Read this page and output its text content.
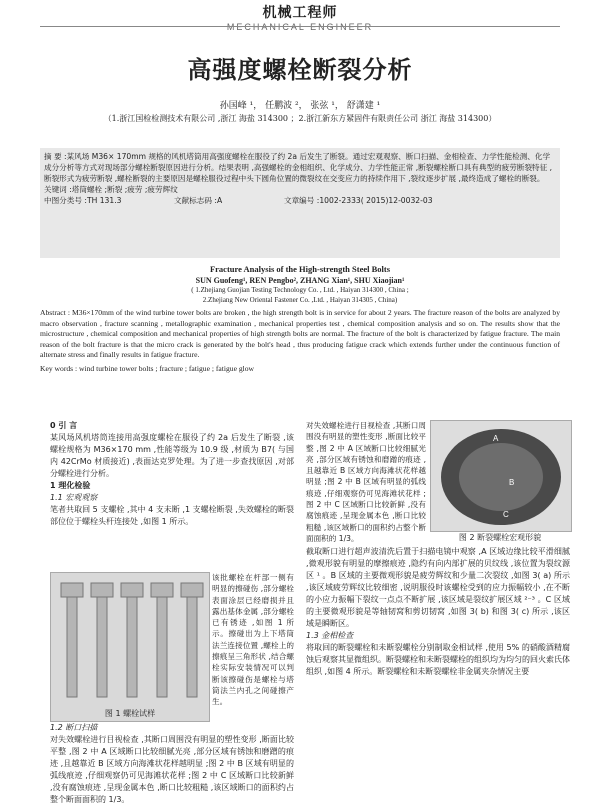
机械工程师
MECHANICAL ENGINEER
高强度螺栓断裂分析
孙国峰 ¹， 任鹏波 ²， 张弦 ¹， 舒潇建 ¹
（1.浙江国检检测技术有限公司 ,浙江 海盐 314300 ；2.浙江新东方紧固件有限责任公司 浙江 海盐 314300）

摘 要 :某风场 M36× 170mm 规格的风机塔筒用高强度螺栓在服役了约 2a 后发生了断裂。通过宏观观察、断口扫描、金相检查、力学性能检测、化学成分分析等方式对现场部分螺栓断裂原因进行分析。结果表明 ,高强螺栓的金相组织、化学成分、力学性能正常 ,断裂螺栓断口具有典型的疲劳断裂特征 ,断裂形式为疲劳断裂 ,螺栓断裂的主要原因是螺栓服役过程中头下圆角位置的微裂纹在交变应力的持续作用下 ,裂纹逐步扩展 ,最终造成了螺栓的断裂。

关键词 :塔筒螺栓 ;断裂 ;疲劳 ;疲劳辉纹

中图分类号 :TH 131.3	文献标志码 :A	文章编号 :1002-2333( 2015)12-0032-03

Fracture Analysis of the High-strength Steel Bolts

SUN Guofeng¹, REN Pengbo², ZHANG Xian¹, SHU Xiaojian¹

( 1.Zhejiang Guojian Testing Technology Co. , Ltd. , Haiyan 314300 , China ;

2.Zhejiang New Oriental Fastener Co. ,Ltd. , Haiyan 314305 , China)

Abstract : M36×170mm of the wind turbine tower bolts are broken , the high strength bolt is in service for about 2 years. The fracture reason of the bolts are analyzed by macro observation , fracture scanning , metallographic examination , mechanical properties test , chemical composition analysis and so on. The results show that the microstructure , chemical composition and mechanical properties of high strength bolts are normal. The fracture of the bolt is characterized by fatigue fracture. The main reason of the bolt fracture is that the micro crack is generated by the bolt's head , thus producing fatigue crack which extends further under the continuous function of alternate stress and finally results in fatigue fracture.

Key words : wind turbine tower bolts ; fracture ; fatigue ; fatigue glow

0 引 言

某风场风机塔筒连接用高强度螺栓在服役了约 2a 后发生了断裂 ,该螺栓规格为 M36×170 mm ,性能等级为 10.9 级 ,材质为 B7( 与国内 42CrMo 材质接近) ,表面达克罗处理。为了进一步查找原因 ,对部分螺栓进行分析。

1 理化检验

1.1 宏观观察

笔者共取回 5 支螺栓 ,其中 4 支未断 ,1 支螺栓断裂 ,失效螺栓的断裂部位位于螺栓头杆连接处 ,如图 1 所示。

该批螺栓在杆部一侧有明显的擦碰伤 ,部分螺栓表面涂层已经磨损并且露出基体金属 ,部分螺栓已有锈迹 ,如图 1 所示。擦碰出为上下塔筒法兰连接位置 ,螺栓上的擦痕呈三角形状 ,结合螺栓实际安装情况可以判断该擦碰伤是螺栓与塔筒法兰内孔之间碰擦产生。

图 1 螺栓试样

1.2 断口扫描

对失效螺栓进行目视检查 ,其断口周围没有明显的塑性变形 ,断面比较平整 ,图 2 中 A 区域断口比较细腻光亮 ,部分区域有锈蚀和磨蹭的痕迹 ,且越靠近 B 区域方向海滩状花样越明显 ;图 2 中 B 区域有明显的弧线痕迹 ,仔细观察仍可见海滩状花样 ;图 2 中 C 区域断口比较新鲜 ,没有腐蚀痕迹 ,呈现金属本色 ,断口比较粗糙 ,该区域断口的面积约占整个断面面积的 1/3。

对失效螺栓进行目视检查 ,其断口周围没有明显的塑性变形 ,断面比较平整 ,图 2 中 A 区域断口比较细腻光亮 ,部分区域有锈蚀和磨蹭的痕迹 ,且越靠近 B 区域方向海滩状花样越明显 ;图 2 中 B 区域有明显的弧线痕迹 ,仔细观察仍可见海滩状花样 ;图 2 中 C 区域断口比较新鲜 ,没有腐蚀痕迹 ,呈现金属本色 ,断口比较粗糙 ,该区域断口的面积约占整个断面面积的 1/3。

A
B
C
图 2 断裂螺栓宏观形貌

截取断口进行超声波清洗后置于扫描电镜中观察 ,A 区域边缘比较平滑细腻 ,微观形貌有明显的摩擦痕迹 ,隐约有向内部扩展的贝纹线 ,该位置为裂纹源区 ¹ 。B 区域的主要微观形貌是疲劳辉纹和少量二次裂纹 ,如图 3( a) 所示 ,该区域疲劳辉纹比较细密 ,说明服役时该螺栓受到的应力振幅较小 ,在不断的小应力振幅下裂纹一点点不断扩展 ,该区域是裂纹扩展区域 ²⁻³ 。C 区域的主要微观形貌是等轴韧窝和剪切韧窝 ,如图 3( b) 和图 3( c) 所示 ,该区域是瞬断区。

1.3 金相检查

将取回的断裂螺栓和未断裂螺栓分别制取金相试样 ,使用 5% 的硝酸酒精腐蚀后观察其显微组织。断裂螺栓和未断裂螺栓的组织均为均匀的回火索氏体组织 ,如图 4 所示。断裂螺栓和未断裂螺栓非金属夹杂情况主要
